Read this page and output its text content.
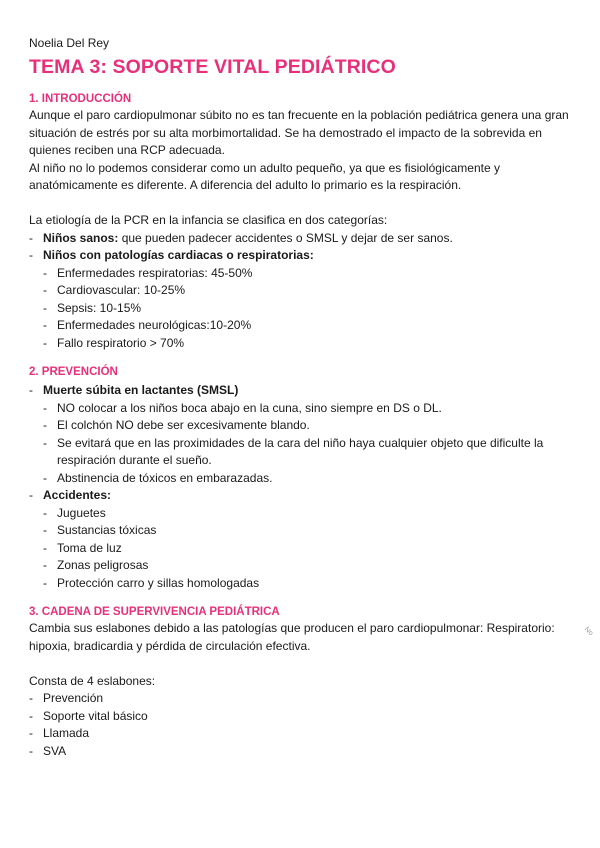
Noelia Del Rey

TEMA 3: SOPORTE VITAL PEDIÁTRICO
1. INTRODUCCIÓN

Aunque el paro cardiopulmonar súbito no es tan frecuente en la población pediátrica genera una gran situación de estrés por su alta morbimortalidad. Se ha demostrado el impacto de la sobrevida en quienes reciben una RCP adecuada.

Al niño no lo podemos considerar como un adulto pequeño, ya que es fisiológicamente y anatómicamente es diferente. A diferencia del adulto lo primario es la respiración.

La etiología de la PCR en la infancia se clasifica en dos categorías:

- Niños sanos: que pueden padecer accidentes o SMSL y dejar de ser sanos.
- Niños con patologías cardiacas o respiratorias:
- Enfermedades respiratorias: 45-50%
- Cardiovascular: 10-25%
- Sepsis: 10-15%
- Enfermedades neurológicas:10-20%
- Fallo respiratorio > 70%
2. PREVENCIÓN
- Muerte súbita en lactantes (SMSL)
- NO colocar a los niños boca abajo en la cuna, sino siempre en DS o DL.
- El colchón NO debe ser excesivamente blando.
- Se evitará que en las proximidades de la cara del niño haya cualquier objeto que dificulte la respiración durante el sueño.
- Abstinencia de tóxicos en embarazadas.
- Accidentes:
- Juguetes
- Sustancias tóxicas
- Toma de luz
- Zonas peligrosas
- Protección carro y sillas homologadas
3. CADENA DE SUPERVIVENCIA PEDIÁTRICA

Cambia sus eslabones debido a las patologías que producen el paro cardiopulmonar: Respiratorio: hipoxia, bradicardia y pérdida de circulación efectiva.

Consta de 4 eslabones:

- Prevención
- Soporte vital básico
- Llamada
- SVA
No
